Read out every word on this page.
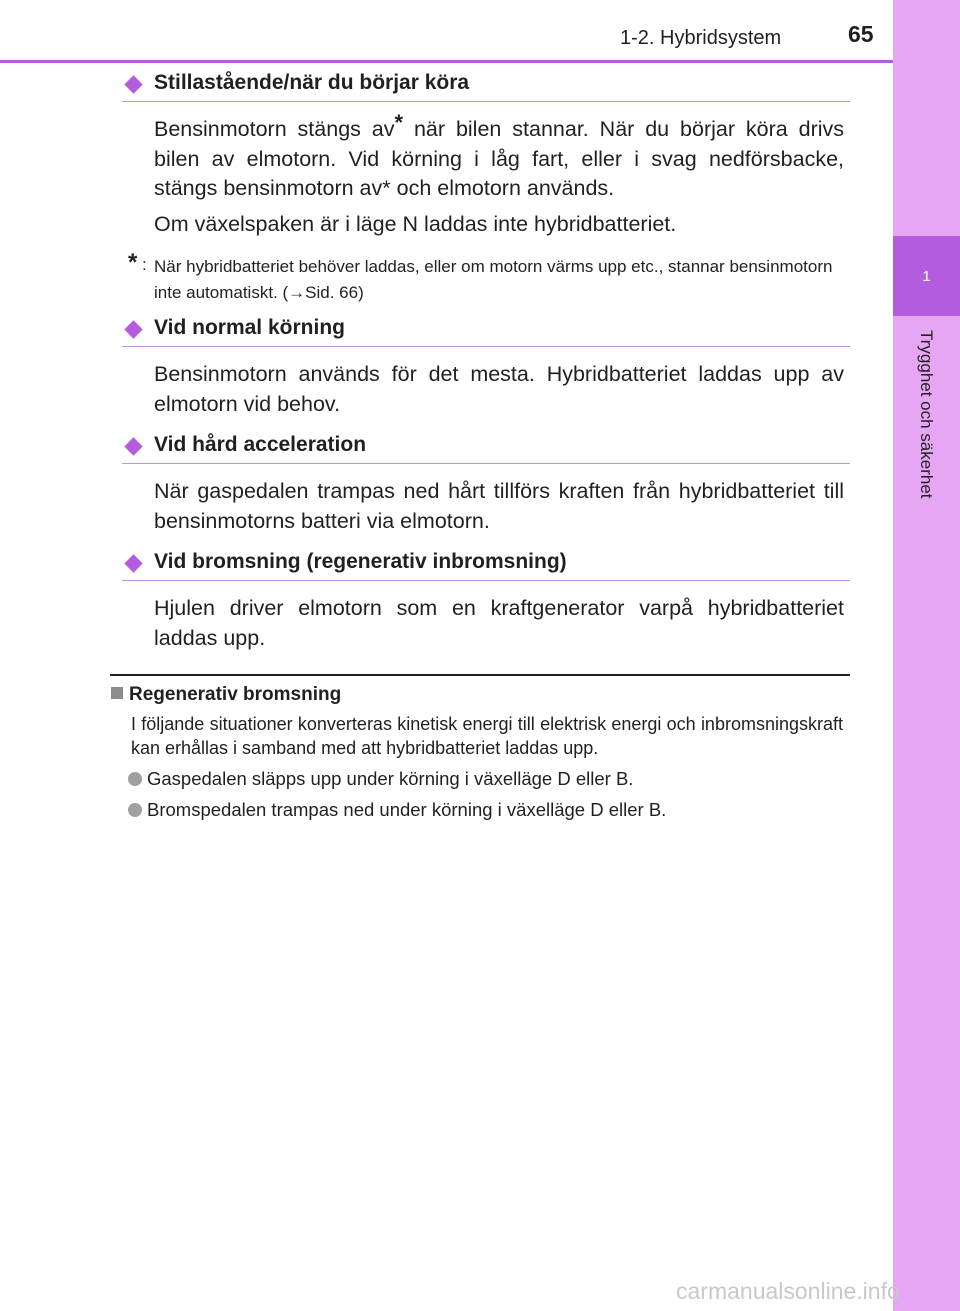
1
Trygghet och säkerhet
1-2. Hybridsystem	65
Stillastående/när du börjar köra

Bensinmotorn stängs av* när bilen stannar. När du börjar köra drivs bilen av elmotorn. Vid körning i låg fart, eller i svag nedförsbacke, stängs bensinmotorn av* och elmotorn används.

Om växelspaken är i läge N laddas inte hybridbatteriet.

* : När hybridbatteriet behöver laddas, eller om motorn värms upp etc., stannar bensinmotorn inte automatiskt. (→Sid. 66)

Vid normal körning

Bensinmotorn används för det mesta. Hybridbatteriet laddas upp av elmotorn vid behov.

Vid hård acceleration

När gaspedalen trampas ned hårt tillförs kraften från hybridbatteriet till bensinmotorns batteri via elmotorn.

Vid bromsning (regenerativ inbromsning)

Hjulen driver elmotorn som en kraftgenerator varpå hybridbatteriet laddas upp.

Regenerativ bromsning

I följande situationer konverteras kinetisk energi till elektrisk energi och inbromsningskraft kan erhållas i samband med att hybridbatteriet laddas upp.

Gaspedalen släpps upp under körning i växelläge D eller B.
Bromspedalen trampas ned under körning i växelläge D eller B.
carmanualsonline.info
